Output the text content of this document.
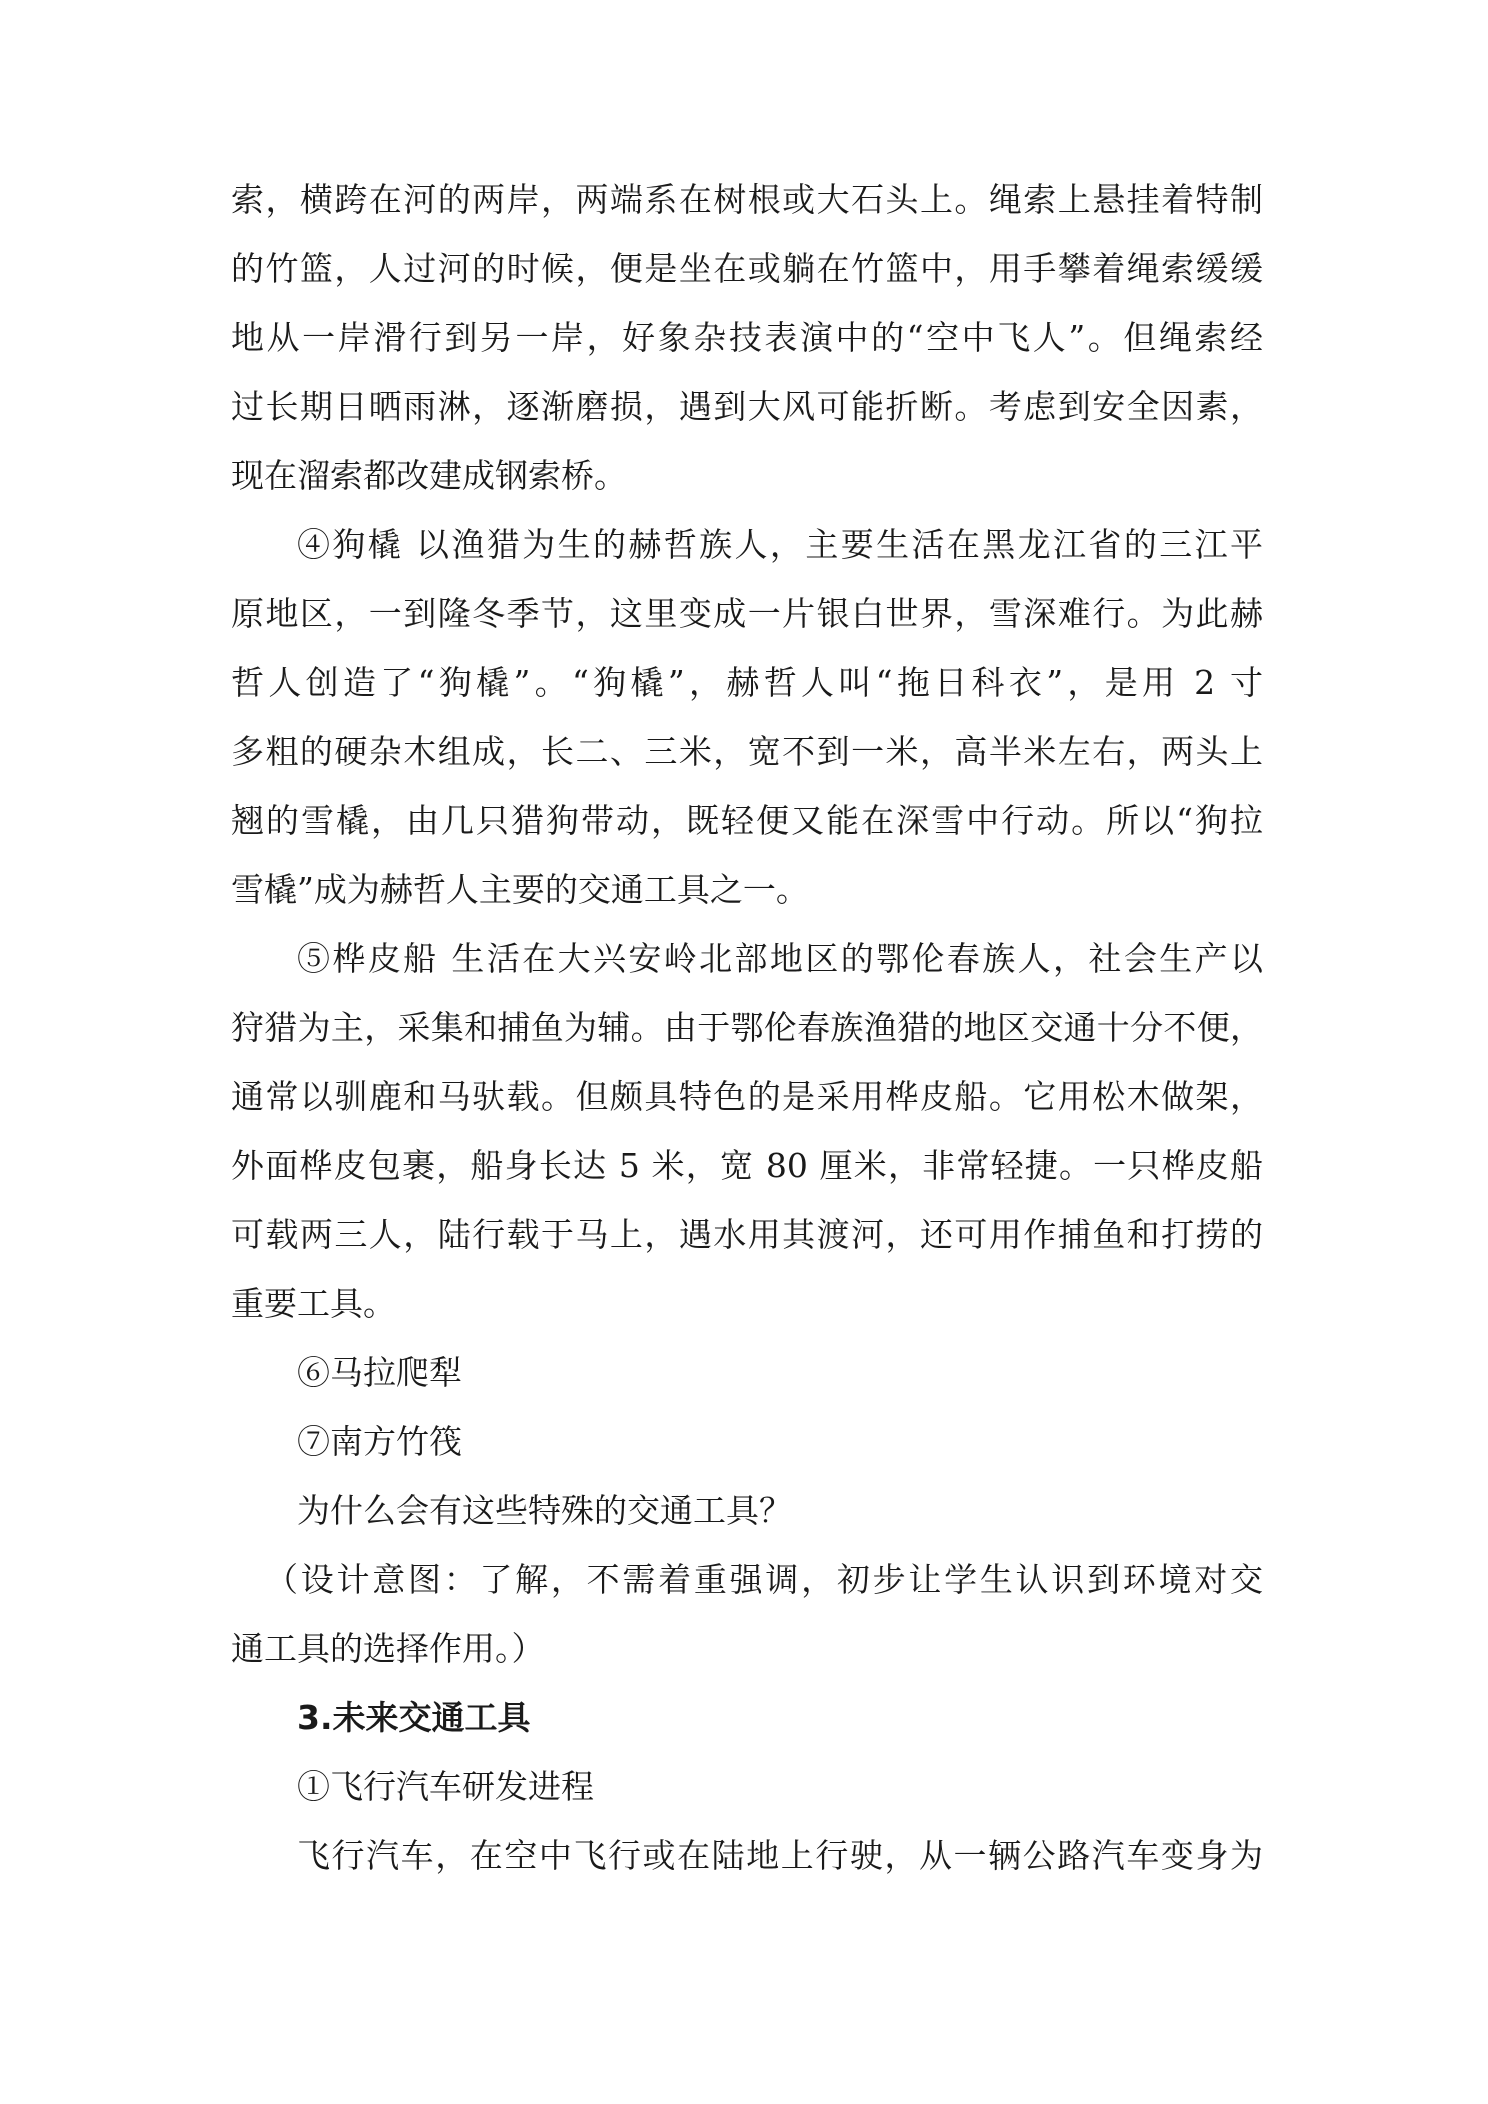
索，横跨在河的两岸，两端系在树根或大石头上。绳索上悬挂着特制
的竹篮，人过河的时候，便是坐在或躺在竹篮中，用手攀着绳索缓缓
地从一岸滑行到另一岸，好象杂技表演中的“空中飞人”。但绳索经
过长期日晒雨淋，逐渐磨损，遇到大风可能折断。考虑到安全因素，
现在溜索都改建成钢索桥。
④狗橇 以渔猎为生的赫哲族人，主要生活在黑龙江省的三江平
原地区，一到隆冬季节，这里变成一片银白世界，雪深难行。为此赫
哲人创造了“狗橇”。“狗橇”，赫哲人叫“拖日科衣”，是用 2 寸
多粗的硬杂木组成，长二、三米，宽不到一米，高半米左右，两头上
翘的雪橇，由几只猎狗带动，既轻便又能在深雪中行动。所以“狗拉
雪橇”成为赫哲人主要的交通工具之一。
⑤桦皮船 生活在大兴安岭北部地区的鄂伦春族人，社会生产以
狩猎为主，采集和捕鱼为辅。由于鄂伦春族渔猎的地区交通十分不便，
通常以驯鹿和马驮载。但颇具特色的是采用桦皮船。它用松木做架，
外面桦皮包裹，船身长达 5 米，宽 80 厘米，非常轻捷。一只桦皮船
可载两三人，陆行载于马上，遇水用其渡河，还可用作捕鱼和打捞的
重要工具。
⑥马拉爬犁
⑦南方竹筏
为什么会有这些特殊的交通工具？
（设计意图：了解，不需着重强调，初步让学生认识到环境对交
通工具的选择作用。）
3.未来交通工具
①飞行汽车研发进程
飞行汽车，在空中飞行或在陆地上行驶，从一辆公路汽车变身为
